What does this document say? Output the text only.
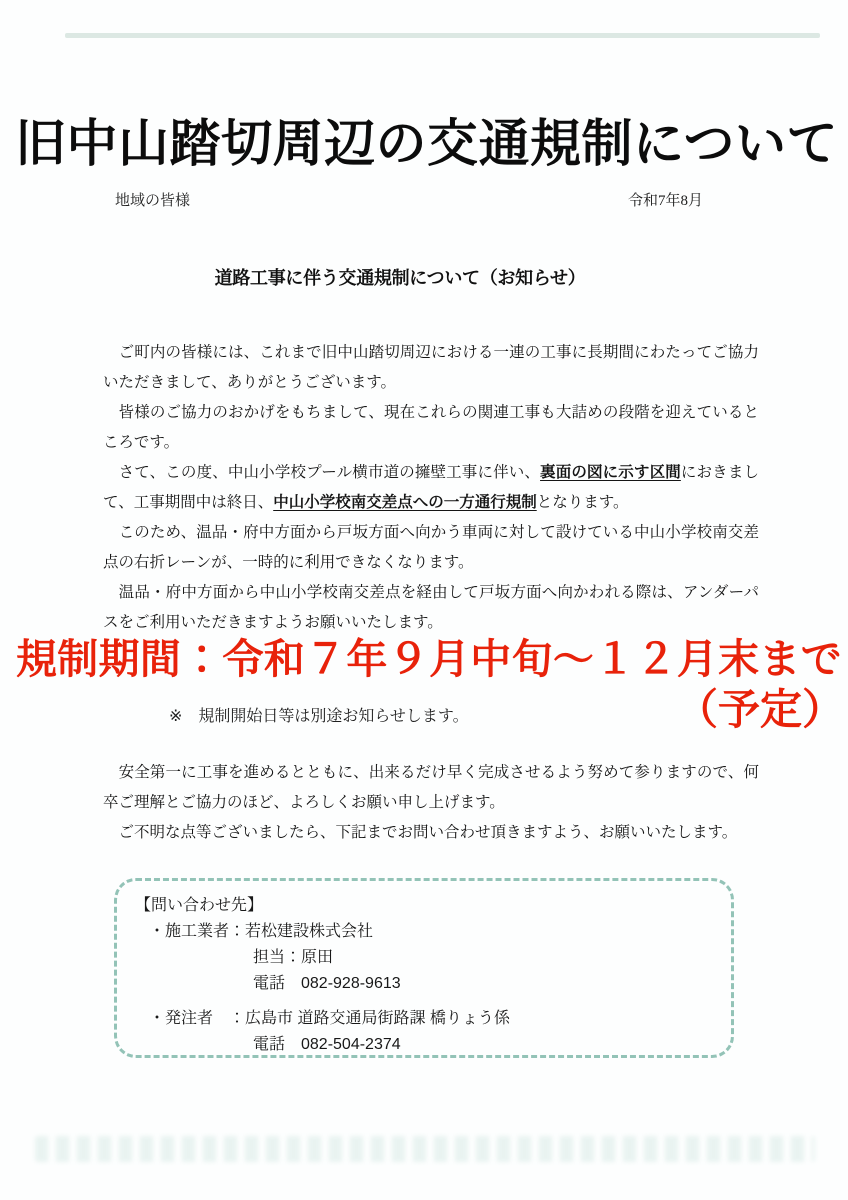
旧中山踏切周辺の交通規制について
地域の皆様	令和7年8月
道路工事に伴う交通規制について（お知らせ）

　ご町内の皆様には、これまで旧中山踏切周辺における一連の工事に長期間にわたってご協力いただきまして、ありがとうございます。

　皆様のご協力のおかげをもちまして、現在これらの関連工事も大詰めの段階を迎えているところです。

　さて、この度、中山小学校プール横市道の擁壁工事に伴い、裏面の図に示す区間におきまして、工事期間中は終日、中山小学校南交差点への一方通行規制となります。

　このため、温品・府中方面から戸坂方面へ向かう車両に対して設けている中山小学校南交差点の右折レーンが、一時的に利用できなくなります。

　温品・府中方面から中山小学校南交差点を経由して戸坂方面へ向かわれる際は、アンダーパスをご利用いただきますようお願いいたします。

規制期間：令和７年９月中旬～１２月末まで
※　規制開始日等は別途お知らせします。	（予定）

　安全第一に工事を進めるとともに、出来るだけ早く完成させるよう努めて参りますので、何卒ご理解とご協力のほど、よろしくお願い申し上げます。

　ご不明な点等ございましたら、下記までお問い合わせ頂きますよう、お願いいたします。

【問い合わせ先】
・施工業者：若松建設株式会社
担当：原田
電話　082-928-9613
・発注者　：広島市 道路交通局街路課 橋りょう係
電話　082-504-2374
